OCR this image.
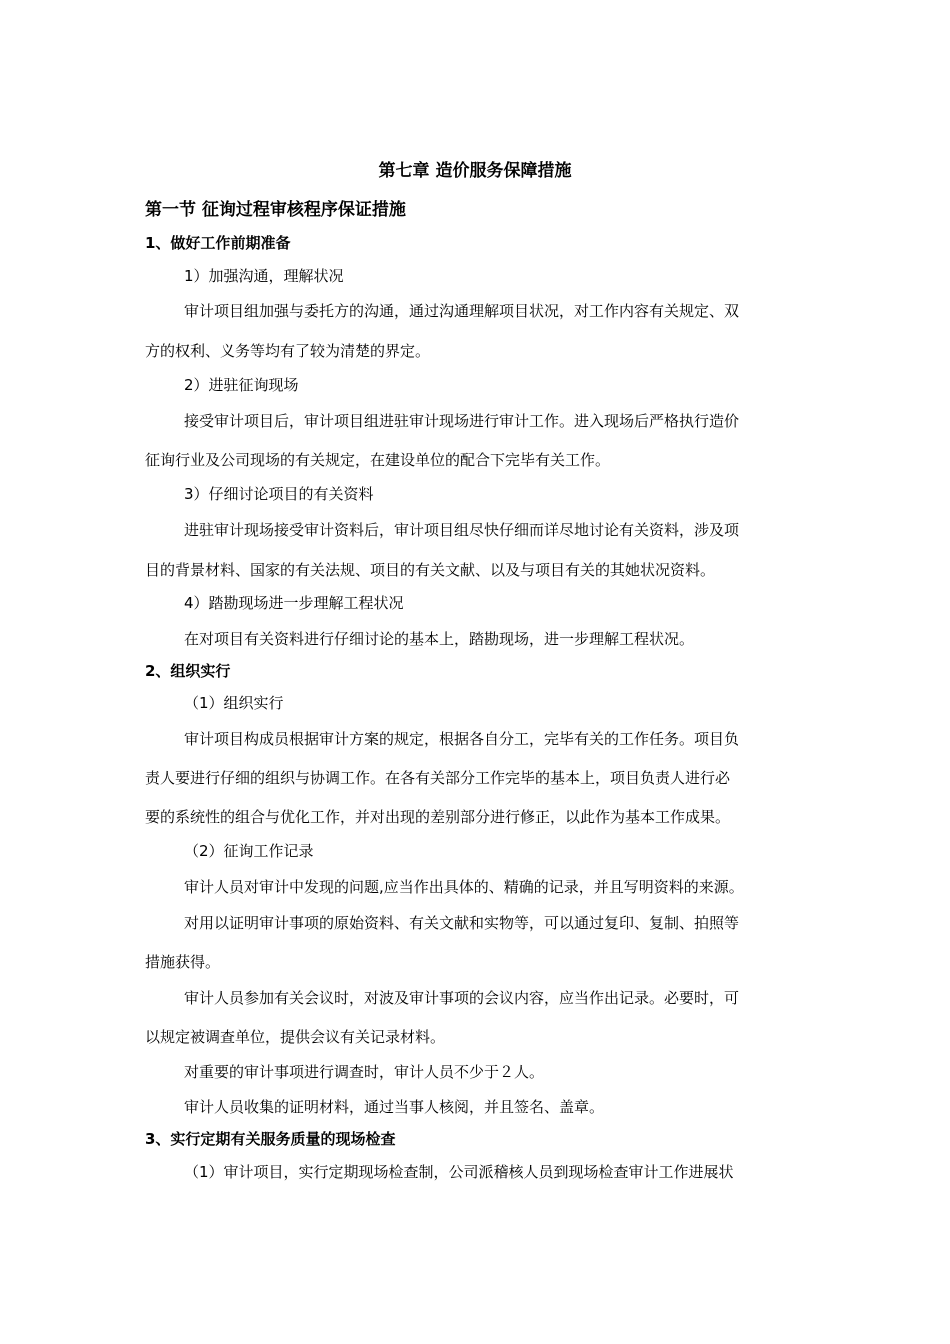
第七章 造价服务保障措施
第一节 征询过程审核程序保证措施
1、做好工作前期准备

1）加强沟通，理解状况

审计项目组加强与委托方的沟通，通过沟通理解项目状况，对工作内容有关规定、双

方的权利、义务等均有了较为清楚的界定。

2）进驻征询现场

接受审计项目后，审计项目组进驻审计现场进行审计工作。进入现场后严格执行造价

征询行业及公司现场的有关规定，在建设单位的配合下完毕有关工作。

3）仔细讨论项目的有关资料

进驻审计现场接受审计资料后，审计项目组尽快仔细而详尽地讨论有关资料，涉及项

目的背景材料、国家的有关法规、项目的有关文献、以及与项目有关的其她状况资料。

4）踏勘现场进一步理解工程状况

在对项目有关资料进行仔细讨论的基本上，踏勘现场，进一步理解工程状况。

2、组织实行

（1）组织实行

审计项目构成员根据审计方案的规定，根据各自分工，完毕有关的工作任务。项目负

责人要进行仔细的组织与协调工作。在各有关部分工作完毕的基本上，项目负责人进行必

要的系统性的组合与优化工作，并对出现的差别部分进行修正，以此作为基本工作成果。

（2）征询工作记录

审计人员对审计中发现的问题,应当作出具体的、精确的记录，并且写明资料的来源。

对用以证明审计事项的原始资料、有关文献和实物等，可以通过复印、复制、拍照等

措施获得。

审计人员参加有关会议时，对波及审计事项的会议内容，应当作出记录。必要时，可

以规定被调查单位，提供会议有关记录材料。

对重要的审计事项进行调查时，审计人员不少于２人。

审计人员收集的证明材料，通过当事人核阅，并且签名、盖章。

3、实行定期有关服务质量的现场检查

（1）审计项目，实行定期现场检查制，公司派稽核人员到现场检查审计工作进展状
